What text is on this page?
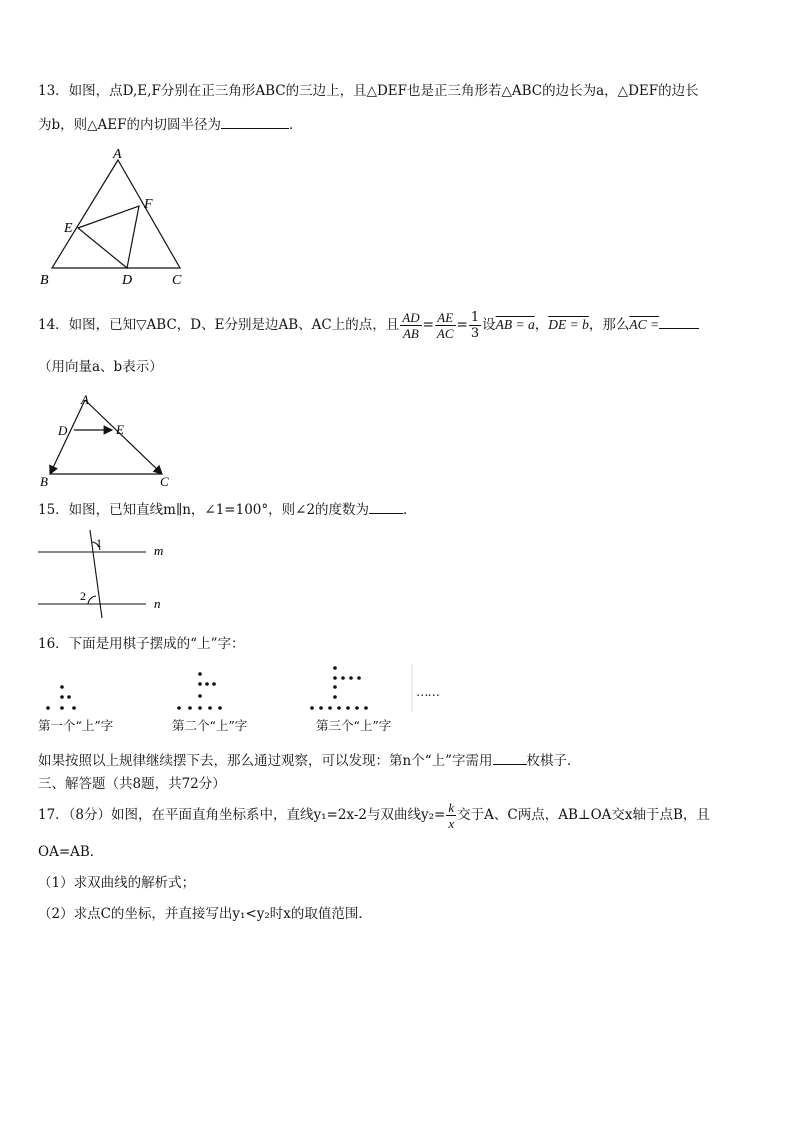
13．如图，点D,E,F分别在正三角形ABC的三边上，且△DEF也是正三角形若△ABC的边长为a，△DEF的边长
为b，则△AEF的内切圆半径为	．
A
B	C
D
E
F
14．如图，已知▽ABC，D、E分别是边AB、AC上的点，且 $\frac{AD}{AB} = \frac{AE}{AC} = \frac{1}{3}$ 设AB = a，DE = b，那么AC =
（用向量a、b表示）
A
D	E
B	C
15．如图，已知直线m∥n，∠1=100°，则∠2的度数为	．
1
2
m
n
16．下面是用棋子摆成的“上”字：
第一个“上”字	第二个“上”字	第三个“上”字
……
如果按照以上规律继续摆下去，那么通过观察，可以发现：第n个“上”字需用	枚棋子．
三、解答题（共8题，共72分）
17．（8分）如图，在平面直角坐标系中，直线y₁=2x-2与双曲线$y_2= \frac{k}{x}$ 交于A、C两点，AB⊥OA交x轴于点B，且
OA=AB．
（1）求双曲线的解析式；
（2）求点C的坐标，并直接写出y₁<y₂时x的取值范围．
